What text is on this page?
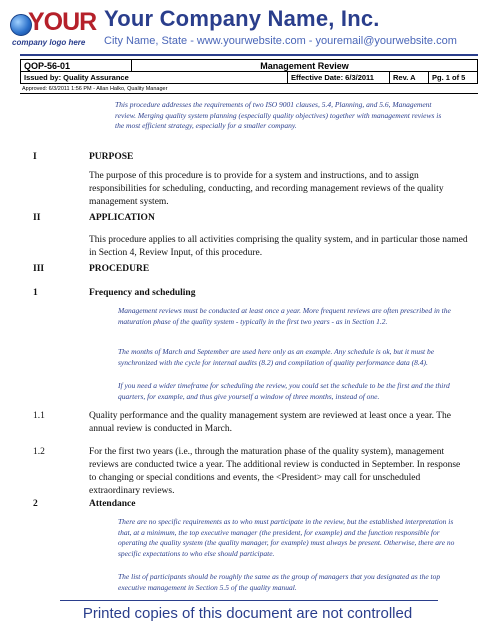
YOUR
company logo here
Your Company Name, Inc.
City Name, State - www.yourwebsite.com - youremail@yourwebsite.com
QOP-56-01	Management Review
Issued by: Quality Assurance	Effective Date: 6/3/2011	Rev. A	Pg. 1 of 5
Approved: 6/3/2011 1:56 PM - Allan Halko, Quality Manager

This procedure addresses the requirements of two ISO 9001 clauses, 5.4, Planning, and 5.6, Management review. Merging quality system planning (especially quality objectives) together with management reviews is the most efficient strategy, especially for a smaller company.

I	PURPOSE

The purpose of this procedure is to provide for a system and instructions, and to assign responsibilities for scheduling, conducting, and recording management reviews of the quality management system.

II	APPLICATION

This procedure applies to all activities comprising the quality system, and in particular those named in Section 4, Review Input, of this procedure.

III	PROCEDURE
1	Frequency and scheduling

Management reviews must be conducted at least once a year. More frequent reviews are often prescribed in the maturation phase of the quality system - typically in the first two years - as in Section 1.2.

The months of March and September are used here only as an example. Any schedule is ok, but it must be synchronized with the cycle for internal audits (8.2) and compilation of quality performance data (8.4).

If you need a wider timeframe for scheduling the review, you could set the schedule to be the first and the third quarters, for example, and thus give yourself a window of three months, instead of one.

1.1	Quality performance and the quality management system are reviewed at least once a year. The annual review is conducted in March.

1.2	For the first two years (i.e., through the maturation phase of the quality system), management reviews are conducted twice a year. The additional review is conducted in September. In response to changing or special conditions and events, the <President> may call for unscheduled extraordinary reviews.

2	Attendance

There are no specific requirements as to who must participate in the review, but the established interpretation is that, at a minimum, the top executive manager (the president, for example) and the function responsible for operating the quality system (the quality manager, for example) must always be present. Otherwise, there are no specific expectations to who else should participate.

The list of participants should be roughly the same as the group of managers that you designated as the top executive management in Section 5.5 of the quality manual.

Printed copies of this document are not controlled
